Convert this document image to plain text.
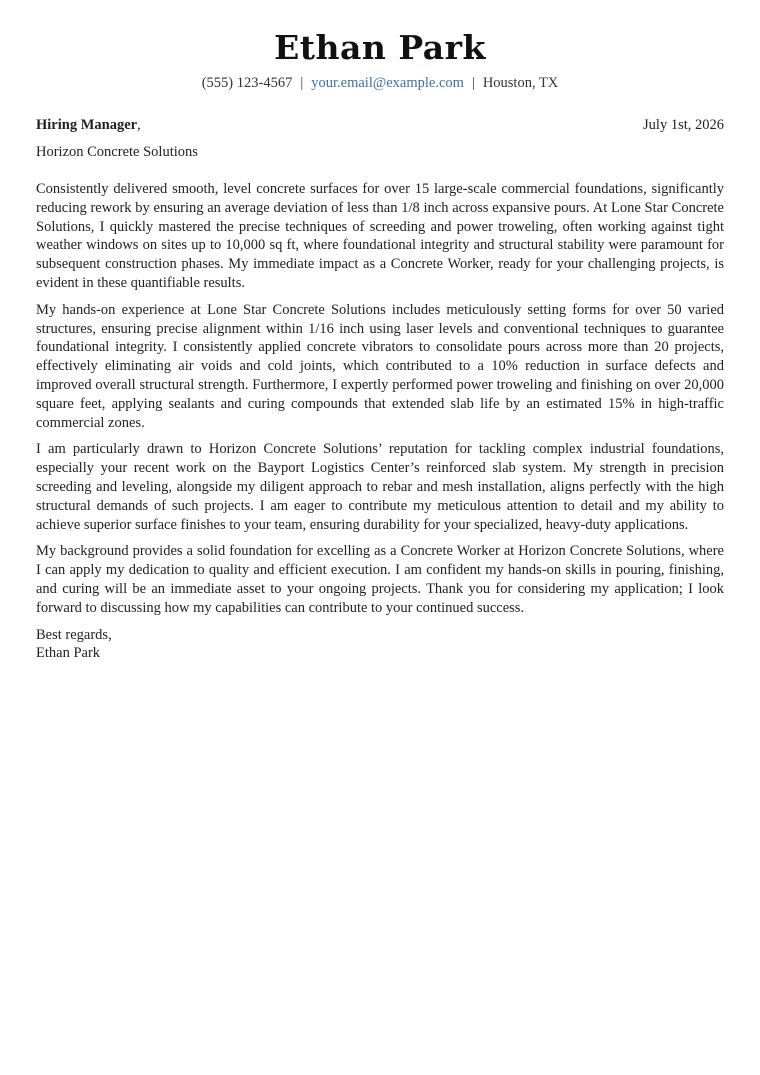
Ethan Park
(555) 123-4567 | your.email@example.com | Houston, TX
Hiring Manager,	July 1st, 2026
Horizon Concrete Solutions

Consistently delivered smooth, level concrete surfaces for over 15 large-scale commercial foundations, significantly reducing rework by ensuring an average deviation of less than 1/8 inch across expansive pours. At Lone Star Concrete Solutions, I quickly mastered the precise techniques of screeding and power troweling, often working against tight weather windows on sites up to 10,000 sq ft, where foundational integrity and structural stability were paramount for subsequent construction phases. My immediate impact as a Concrete Worker, ready for your challenging projects, is evident in these quantifiable results.

My hands-on experience at Lone Star Concrete Solutions includes meticulously setting forms for over 50 varied structures, ensuring precise alignment within 1/16 inch using laser levels and conventional techniques to guarantee foundational integrity. I consistently applied concrete vibrators to consolidate pours across more than 20 projects, effectively eliminating air voids and cold joints, which contributed to a 10% reduction in surface defects and improved overall structural strength. Furthermore, I expertly performed power troweling and finishing on over 20,000 square feet, applying sealants and curing compounds that extended slab life by an estimated 15% in high-traffic commercial zones.

I am particularly drawn to Horizon Concrete Solutions’ reputation for tackling complex industrial foundations, especially your recent work on the Bayport Logistics Center’s reinforced slab system. My strength in precision screeding and leveling, alongside my diligent approach to rebar and mesh installation, aligns perfectly with the high structural demands of such projects. I am eager to contribute my meticulous attention to detail and my ability to achieve superior surface finishes to your team, ensuring durability for your specialized, heavy-duty applications.

My background provides a solid foundation for excelling as a Concrete Worker at Horizon Concrete Solutions, where I can apply my dedication to quality and efficient execution. I am confident my hands-on skills in pouring, finishing, and curing will be an immediate asset to your ongoing projects. Thank you for considering my application; I look forward to discussing how my capabilities can contribute to your continued success.

Best regards,
Ethan Park
